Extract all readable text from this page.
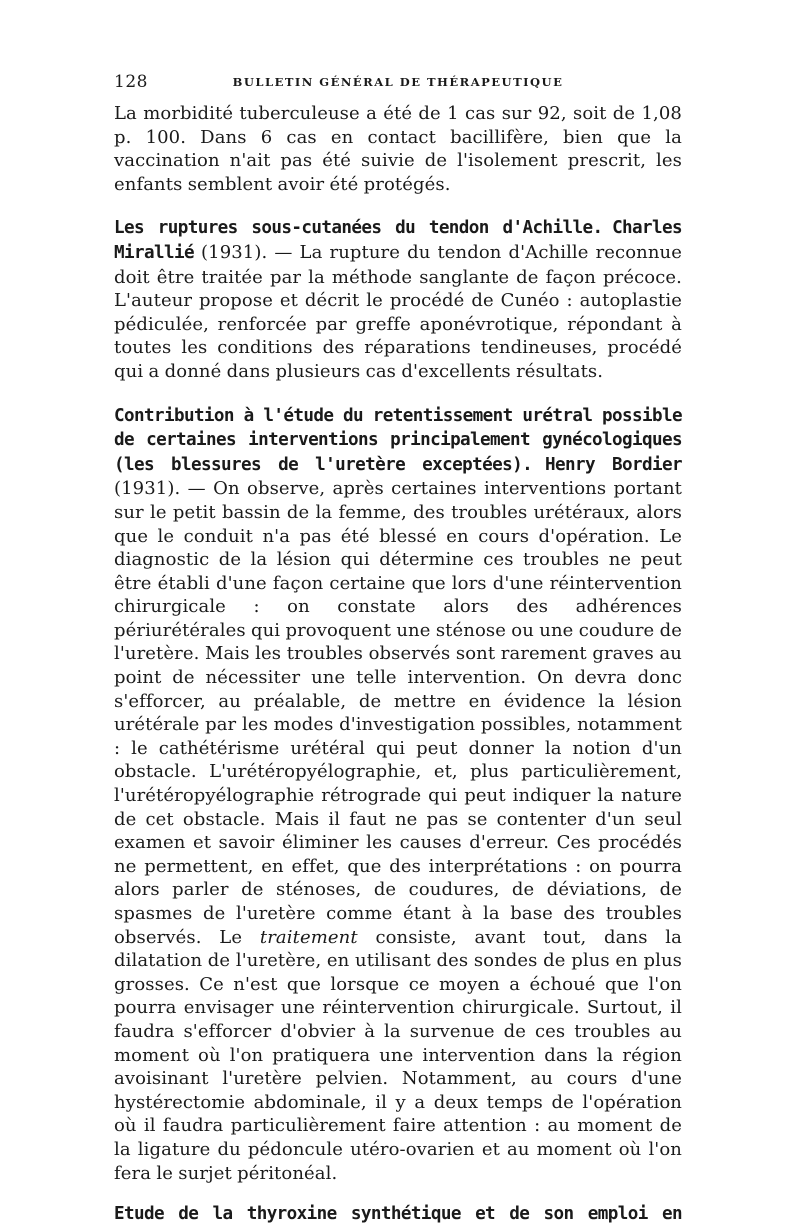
128	BULLETIN GÉNÉRAL DE THÉRAPEUTIQUE

La morbidité tuberculeuse a été de 1 cas sur 92, soit de 1,08 p. 100. Dans 6 cas en contact bacillifère, bien que la vaccination n'ait pas été suivie de l'isolement prescrit, les enfants semblent avoir été protégés.

Les ruptures sous-cutanées du tendon d'Achille. Charles Mirallié (1931). — La rupture du tendon d'Achille reconnue doit être traitée par la méthode sanglante de façon précoce. L'auteur propose et décrit le procédé de Cunéo : autoplastie pédiculée, renforcée par greffe aponévrotique, répondant à toutes les conditions des réparations tendineuses, procédé qui a donné dans plusieurs cas d'excellents résultats.

Contribution à l'étude du retentissement urétral possible de certaines interventions principalement gynécologiques (les blessures de l'uretère exceptées). Henry Bordier (1931). — On observe, après certaines interventions portant sur le petit bassin de la femme, des troubles urétéraux, alors que le conduit n'a pas été blessé en cours d'opération. Le diagnostic de la lésion qui détermine ces troubles ne peut être établi d'une façon certaine que lors d'une réintervention chirurgicale : on constate alors des adhérences périurétérales qui provoquent une sténose ou une coudure de l'uretère. Mais les troubles observés sont rarement graves au point de nécessiter une telle intervention. On devra donc s'efforcer, au préalable, de mettre en évidence la lésion urétérale par les modes d'investigation possibles, notamment : le cathétérisme urétéral qui peut donner la notion d'un obstacle. L'urétéropyélographie, et, plus particulièrement, l'urétéropyélographie rétrograde qui peut indiquer la nature de cet obstacle. Mais il faut ne pas se contenter d'un seul examen et savoir éliminer les causes d'erreur. Ces procédés ne permettent, en effet, que des interprétations : on pourra alors parler de sténoses, de coudures, de déviations, de spasmes de l'uretère comme étant à la base des troubles observés. Le traitement consiste, avant tout, dans la dilatation de l'uretère, en utilisant des sondes de plus en plus grosses. Ce n'est que lorsque ce moyen a échoué que l'on pourra envisager une réintervention chirurgicale. Surtout, il faudra s'efforcer d'obvier à la survenue de ces troubles au moment où l'on pratiquera une intervention dans la région avoisinant l'uretère pelvien. Notamment, au cours d'une hystérectomie abdominale, il y a deux temps de l'opération où il faudra particulièrement faire attention : au moment de la ligature du pédoncule utéro-ovarien et au moment où l'on fera le surjet péritonéal.

Etude de la thyroxine synthétique et de son emploi en
